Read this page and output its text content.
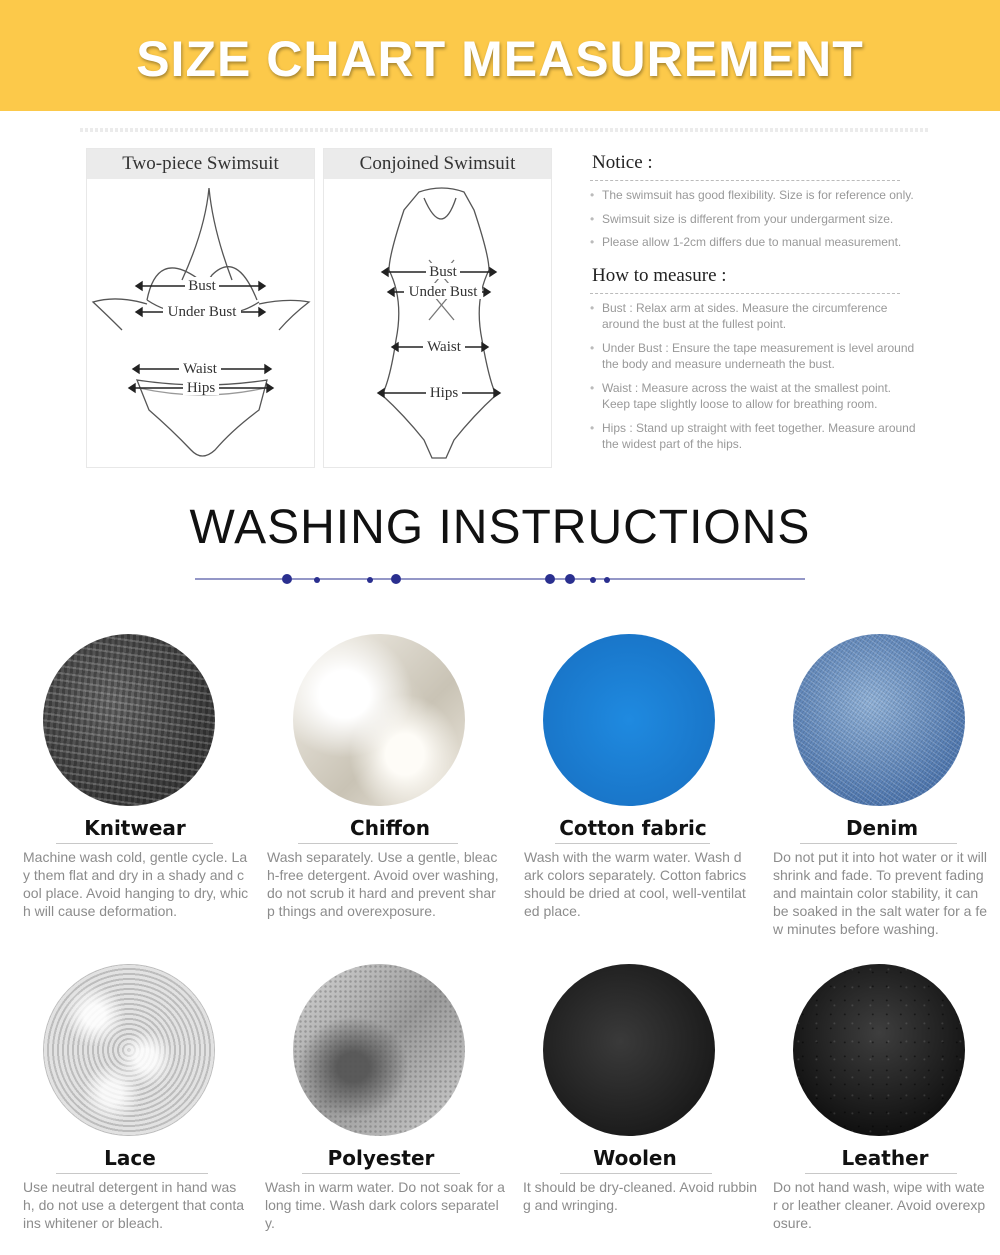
SIZE CHART MEASUREMENT
Two-piece Swimsuit
Bust
Under Bust
Waist
Hips
Conjoined Swimsuit
Bust
Under Bust
Waist
Hips
Notice :
• The swimsuit has good flexibility. Size is for reference only.
• Swimsuit size is different from your undergarment size.
• Please allow 1-2cm differs due to manual measurement.
How to measure :
• Bust : Relax arm at sides. Measure the circumference around the bust at the fullest point.
• Under Bust : Ensure the tape measurement is level around the body and measure underneath the bust.
• Waist : Measure across the waist at the smallest point. Keep tape slightly loose to allow for breathing room.
• Hips : Stand up straight with feet together. Measure around the widest part of the hips.
WASHING INSTRUCTIONS
Knitwear
Machine wash cold, gentle cycle. Lay them flat and dry in a shady and cool place. Avoid hanging to dry, which will cause deformation.
Chiffon
Wash separately. Use a gentle, bleach-free detergent. Avoid over washing, do not scrub it hard and prevent sharp things and overexposure.
Cotton fabric
Wash with the warm water. Wash dark colors separately. Cotton fabrics should be dried at cool, well-ventilated place.
Denim
Do not put it into hot water or it will shrink and fade. To prevent fading and maintain color stability, it can be soaked in the salt water for a few minutes before washing.
Lace
Use neutral detergent in hand wash, do not use a detergent that contains whitener or bleach.
Polyester
Wash in warm water. Do not soak for a long time. Wash dark colors separately.
Woolen
It should be dry-cleaned. Avoid rubbing and wringing.
Leather
Do not hand wash, wipe with water or leather cleaner. Avoid overexposure.
